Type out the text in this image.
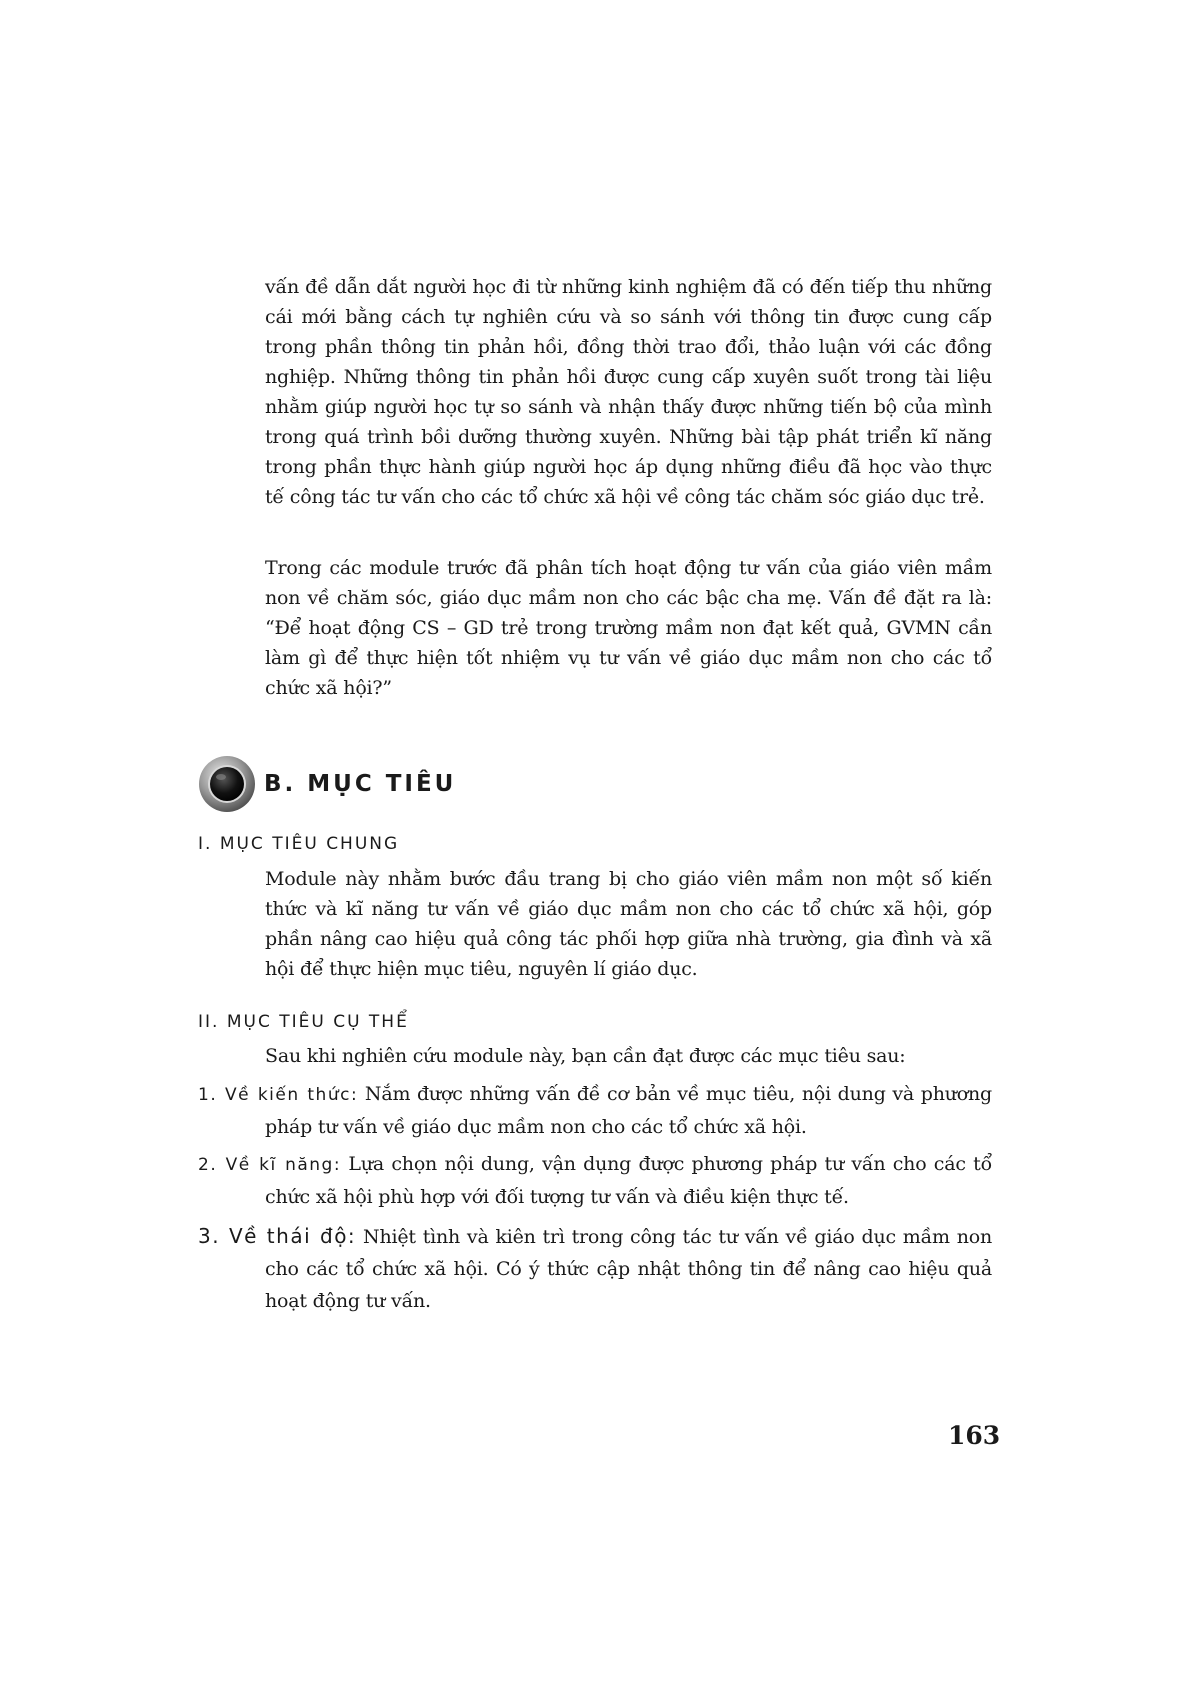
vấn đề dẫn dắt người học đi từ những kinh nghiệm đã có đến tiếp thu những cái mới bằng cách tự nghiên cứu và so sánh với thông tin được cung cấp trong phần thông tin phản hồi, đồng thời trao đổi, thảo luận với các đồng nghiệp. Những thông tin phản hồi được cung cấp xuyên suốt trong tài liệu nhằm giúp người học tự so sánh và nhận thấy được những tiến bộ của mình trong quá trình bồi dưỡng thường xuyên. Những bài tập phát triển kĩ năng trong phần thực hành giúp người học áp dụng những điều đã học vào thực tế công tác tư vấn cho các tổ chức xã hội về công tác chăm sóc giáo dục trẻ.

Trong các module trước đã phân tích hoạt động tư vấn của giáo viên mầm non về chăm sóc, giáo dục mầm non cho các bậc cha mẹ. Vấn đề đặt ra là: “Để hoạt động CS – GD trẻ trong trường mầm non đạt kết quả, GVMN cần làm gì để thực hiện tốt nhiệm vụ tư vấn về giáo dục mầm non cho các tổ chức xã hội?”

B. MỤC TIÊU

I. MỤC TIÊU CHUNG

Module này nhằm bước đầu trang bị cho giáo viên mầm non một số kiến thức và kĩ năng tư vấn về giáo dục mầm non cho các tổ chức xã hội, góp phần nâng cao hiệu quả công tác phối hợp giữa nhà trường, gia đình và xã hội để thực hiện mục tiêu, nguyên lí giáo dục.

II. MỤC TIÊU CỤ THỂ

Sau khi nghiên cứu module này, bạn cần đạt được các mục tiêu sau:

1. Về kiến thức: Nắm được những vấn đề cơ bản về mục tiêu, nội dung và phương pháp tư vấn về giáo dục mầm non cho các tổ chức xã hội.

2. Về kĩ năng: Lựa chọn nội dung, vận dụng được phương pháp tư vấn cho các tổ chức xã hội phù hợp với đối tượng tư vấn và điều kiện thực tế.

3. Về thái độ: Nhiệt tình và kiên trì trong công tác tư vấn về giáo dục mầm non cho các tổ chức xã hội. Có ý thức cập nhật thông tin để nâng cao hiệu quả hoạt động tư vấn.

163
